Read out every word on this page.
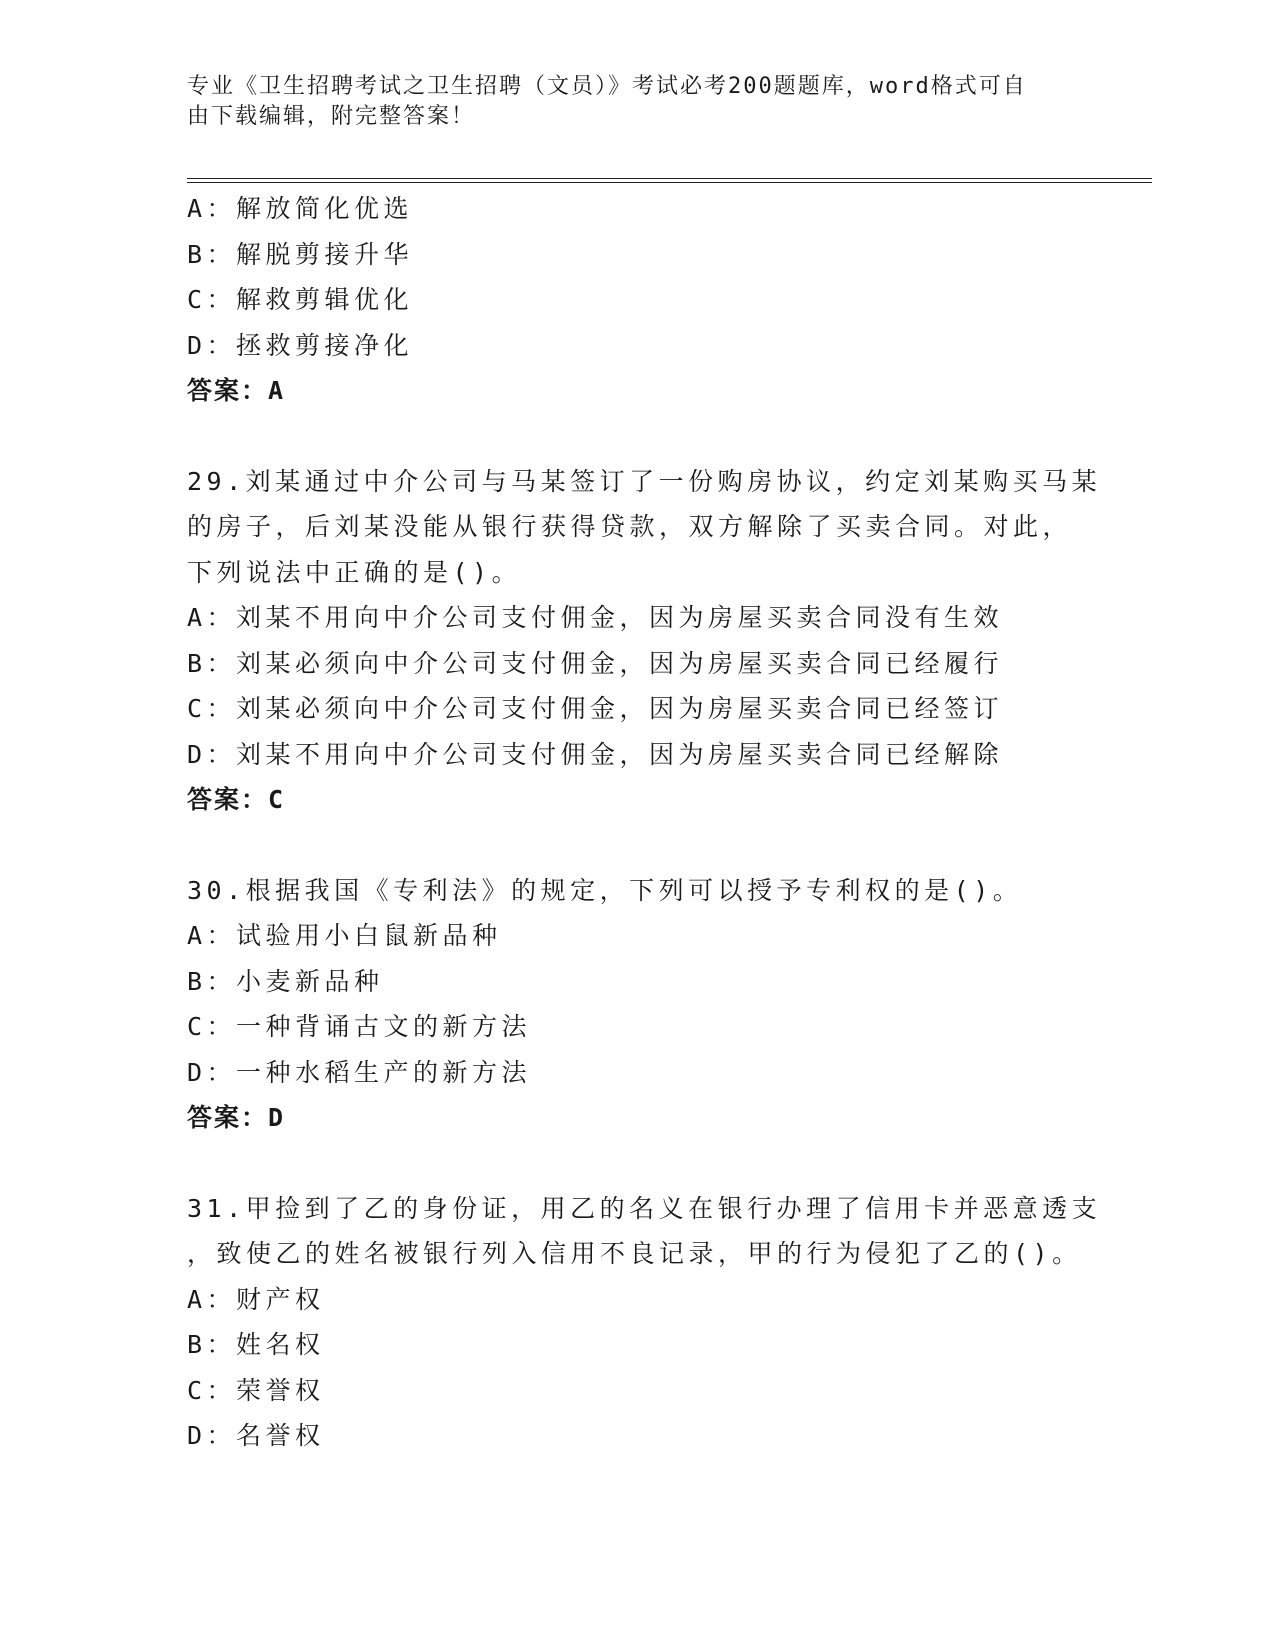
专业《卫生招聘考试之卫生招聘（文员）》考试必考200题题库，word格式可自
由下载编辑，附完整答案！
A：解放简化优选
B：解脱剪接升华
C：解救剪辑优化
D：拯救剪接净化
答案：A
29.刘某通过中介公司与马某签订了一份购房协议，约定刘某购买马某
的房子，后刘某没能从银行获得贷款，双方解除了买卖合同。对此，
下列说法中正确的是()。
A：刘某不用向中介公司支付佣金，因为房屋买卖合同没有生效
B：刘某必须向中介公司支付佣金，因为房屋买卖合同已经履行
C：刘某必须向中介公司支付佣金，因为房屋买卖合同已经签订
D：刘某不用向中介公司支付佣金，因为房屋买卖合同已经解除
答案：C
30.根据我国《专利法》的规定，下列可以授予专利权的是()。
A：试验用小白鼠新品种
B：小麦新品种
C：一种背诵古文的新方法
D：一种水稻生产的新方法
答案：D
31.甲捡到了乙的身份证，用乙的名义在银行办理了信用卡并恶意透支
，致使乙的姓名被银行列入信用不良记录，甲的行为侵犯了乙的()。
A：财产权
B：姓名权
C：荣誉权
D：名誉权
